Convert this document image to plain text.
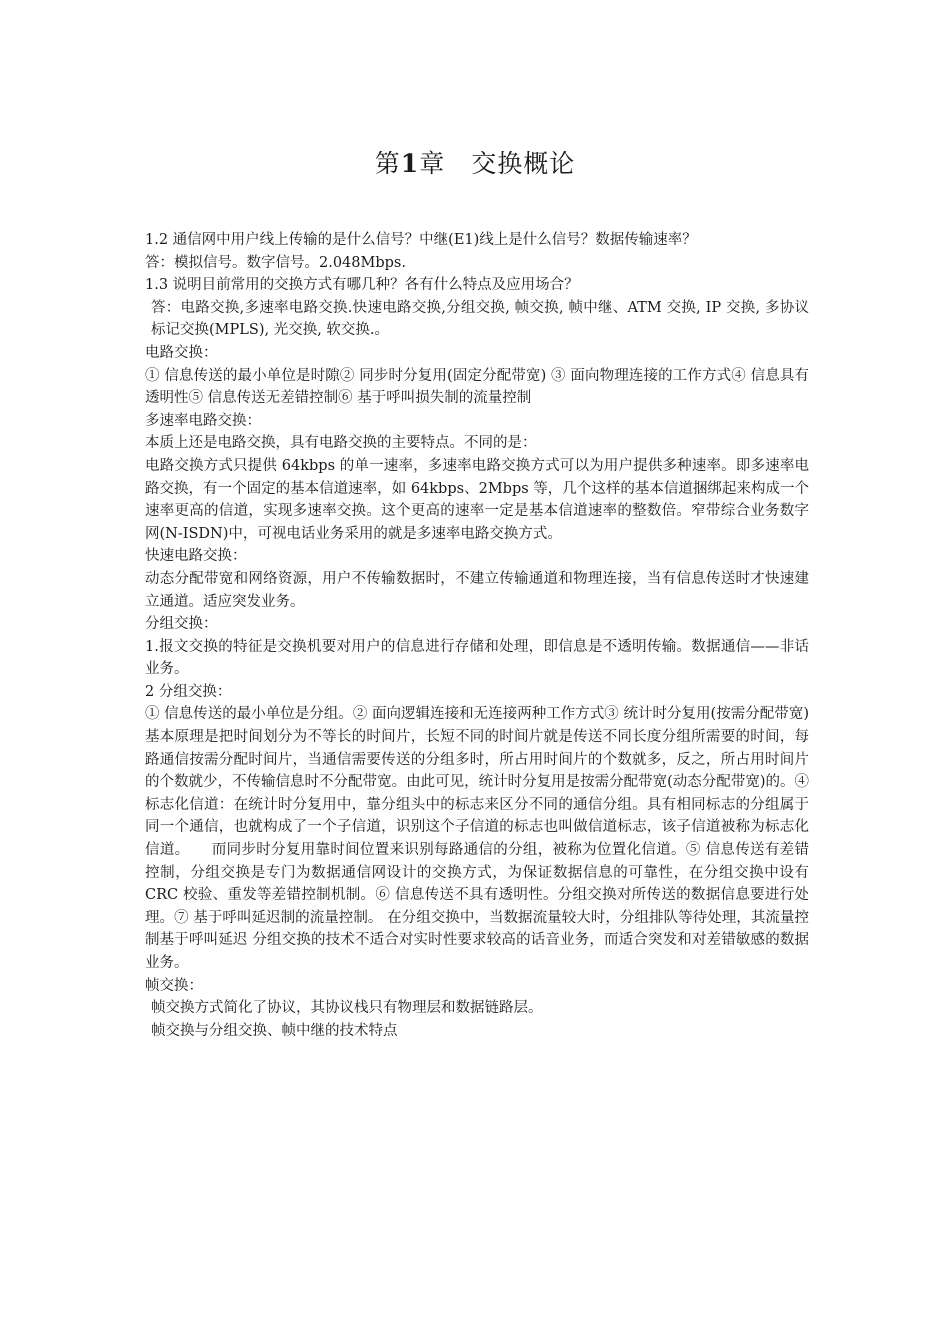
第1章　交换概论

1.2 通信网中用户线上传输的是什么信号？中继(E1)线上是什么信号？数据传输速率？

答：模拟信号。数字信号。2.048Mbps.

1.3 说明目前常用的交换方式有哪几种？各有什么特点及应用场合？

答：电路交换,多速率电路交换.快速电路交换,分组交换, 帧交换, 帧中继、ATM 交换, IP 交换, 多协议标记交换(MPLS), 光交换, 软交换.。

电路交换：

① 信息传送的最小单位是时隙② 同步时分复用(固定分配带宽) ③ 面向物理连接的工作方式④ 信息具有透明性⑤ 信息传送无差错控制⑥ 基于呼叫损失制的流量控制

多速率电路交换：

本质上还是电路交换，具有电路交换的主要特点。不同的是：

电路交换方式只提供 64kbps 的单一速率，多速率电路交换方式可以为用户提供多种速率。即多速率电路交换，有一个固定的基本信道速率，如 64kbps、2Mbps 等，几个这样的基本信道捆绑起来构成一个速率更高的信道，实现多速率交换。这个更高的速率一定是基本信道速率的整数倍。窄带综合业务数字网(N-ISDN)中，可视电话业务采用的就是多速率电路交换方式。

快速电路交换：

动态分配带宽和网络资源，用户不传输数据时，不建立传输通道和物理连接，当有信息传送时才快速建立通道。适应突发业务。

分组交换：

1.报文交换的特征是交换机要对用户的信息进行存储和处理，即信息是不透明传输。数据通信——非话业务。

2 分组交换：

① 信息传送的最小单位是分组。② 面向逻辑连接和无连接两种工作方式③ 统计时分复用(按需分配带宽) 基本原理是把时间划分为不等长的时间片，长短不同的时间片就是传送不同长度分组所需要的时间，每路通信按需分配时间片，当通信需要传送的分组多时，所占用时间片的个数就多，反之，所占用时间片的个数就少，不传输信息时不分配带宽。由此可见，统计时分复用是按需分配带宽(动态分配带宽)的。④ 标志化信道：在统计时分复用中，靠分组头中的标志来区分不同的通信分组。具有相同标志的分组属于同一个通信，也就构成了一个子信道，识别这个子信道的标志也叫做信道标志，该子信道被称为标志化信道。　　而同步时分复用靠时间位置来识别每路通信的分组，被称为位置化信道。⑤ 信息传送有差错控制，分组交换是专门为数据通信网设计的交换方式，为保证数据信息的可靠性，在分组交换中设有 CRC 校验、重发等差错控制机制。⑥ 信息传送不具有透明性。分组交换对所传送的数据信息要进行处理。⑦ 基于呼叫延迟制的流量控制。 在分组交换中，当数据流量较大时，分组排队等待处理，其流量控制基于呼叫延迟 分组交换的技术不适合对实时性要求较高的话音业务，而适合突发和对差错敏感的数据业务。

帧交换：

帧交换方式简化了协议，其协议栈只有物理层和数据链路层。

帧交换与分组交换、帧中继的技术特点
